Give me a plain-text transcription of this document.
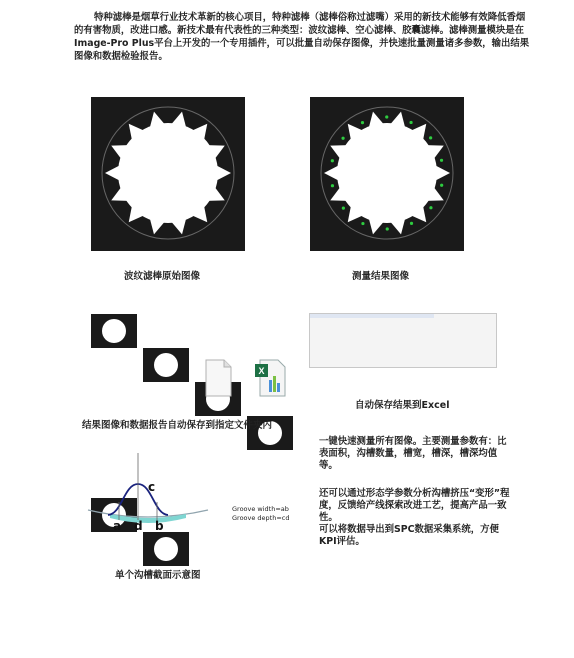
特种滤棒是烟草行业技术革新的核心项目，特种滤棒（滤棒俗称过滤嘴）采用的新技术能够有效降低香烟的有害物质，改进口感。新技术最有代表性的三种类型：波纹滤棒、空心滤棒、胶囊滤棒。滤棒测量模块是在Image-Pro Plus平台上开发的一个专用插件，可以批量自动保存图像，并快速批量测量诸多参数，输出结果图像和数据检验报告。

波纹滤棒原始图像	测量结果图像
X

结果图像和数据报告自动保存到指定文件夹内
自动保存结果到Excel
c
a d b
Groove width=ab
Groove depth=cd
单个沟槽截面示意图

一键快速测量所有图像。主要测量参数有：比表面积，沟槽数量，槽宽，槽深，槽深均值等。

还可以通过形态学参数分析沟槽挤压“变形”程度，反馈给产线探索改进工艺，提高产品一致性。

可以将数据导出到SPC数据采集系统，方便KPI评估。
